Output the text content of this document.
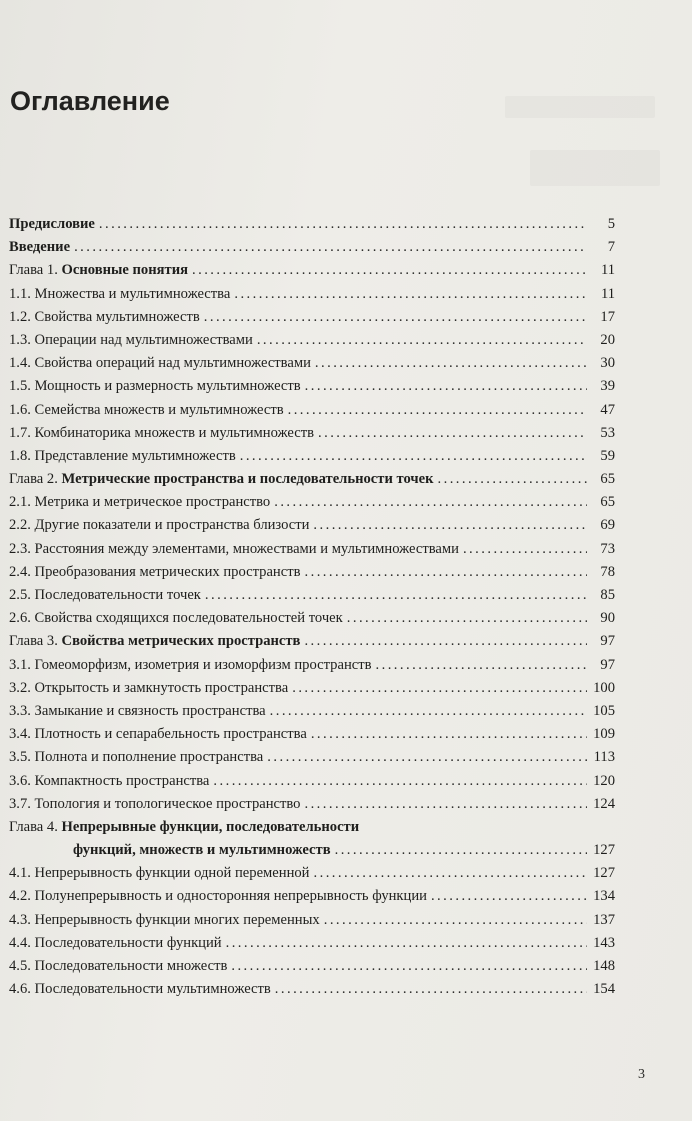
Оглавление
Предисловие . . .	5
Введение . . .	7
Глава 1. Основные понятия . . .	11
1.1. Множества и мультимножества . . .	11
1.2. Свойства мультимножеств . . .	17
1.3. Операции над мультимножествами . . .	20
1.4. Свойства операций над мультимножествами . . .	30
1.5. Мощность и размерность мультимножеств . . .	39
1.6. Семейства множеств и мультимножеств . . .	47
1.7. Комбинаторика множеств и мультимножеств . . .	53
1.8. Представление мультимножеств . . .	59
Глава 2. Метрические пространства и последовательности точек . . .	65
2.1. Метрика и метрическое пространство . . .	65
2.2. Другие показатели и пространства близости . . .	69
2.3. Расстояния между элементами, множествами и мультимножествами . . .	73
2.4. Преобразования метрических пространств . . .	78
2.5. Последовательности точек . . .	85
2.6. Свойства сходящихся последовательностей точек . . .	90
Глава 3. Свойства метрических пространств . . .	97
3.1. Гомеоморфизм, изометрия и изоморфизм пространств . . .	97
3.2. Открытость и замкнутость пространства . . .	100
3.3. Замыкание и связность пространства . . .	105
3.4. Плотность и сепарабельность пространства . . .	109
3.5. Полнота и пополнение пространства . . .	113
3.6. Компактность пространства . . .	120
3.7. Топология и топологическое пространство . . .	124
Глава 4. Непрерывные функции, последовательности
функций, множеств и мультимножеств . . .	127
4.1. Непрерывность функции одной переменной . . .	127
4.2. Полунепрерывность и односторонняя непрерывность функции . . .	134
4.3. Непрерывность функции многих переменных . . .	137
4.4. Последовательности функций . . .	143
4.5. Последовательности множеств . . .	148
4.6. Последовательности мультимножеств . . .	154
3
